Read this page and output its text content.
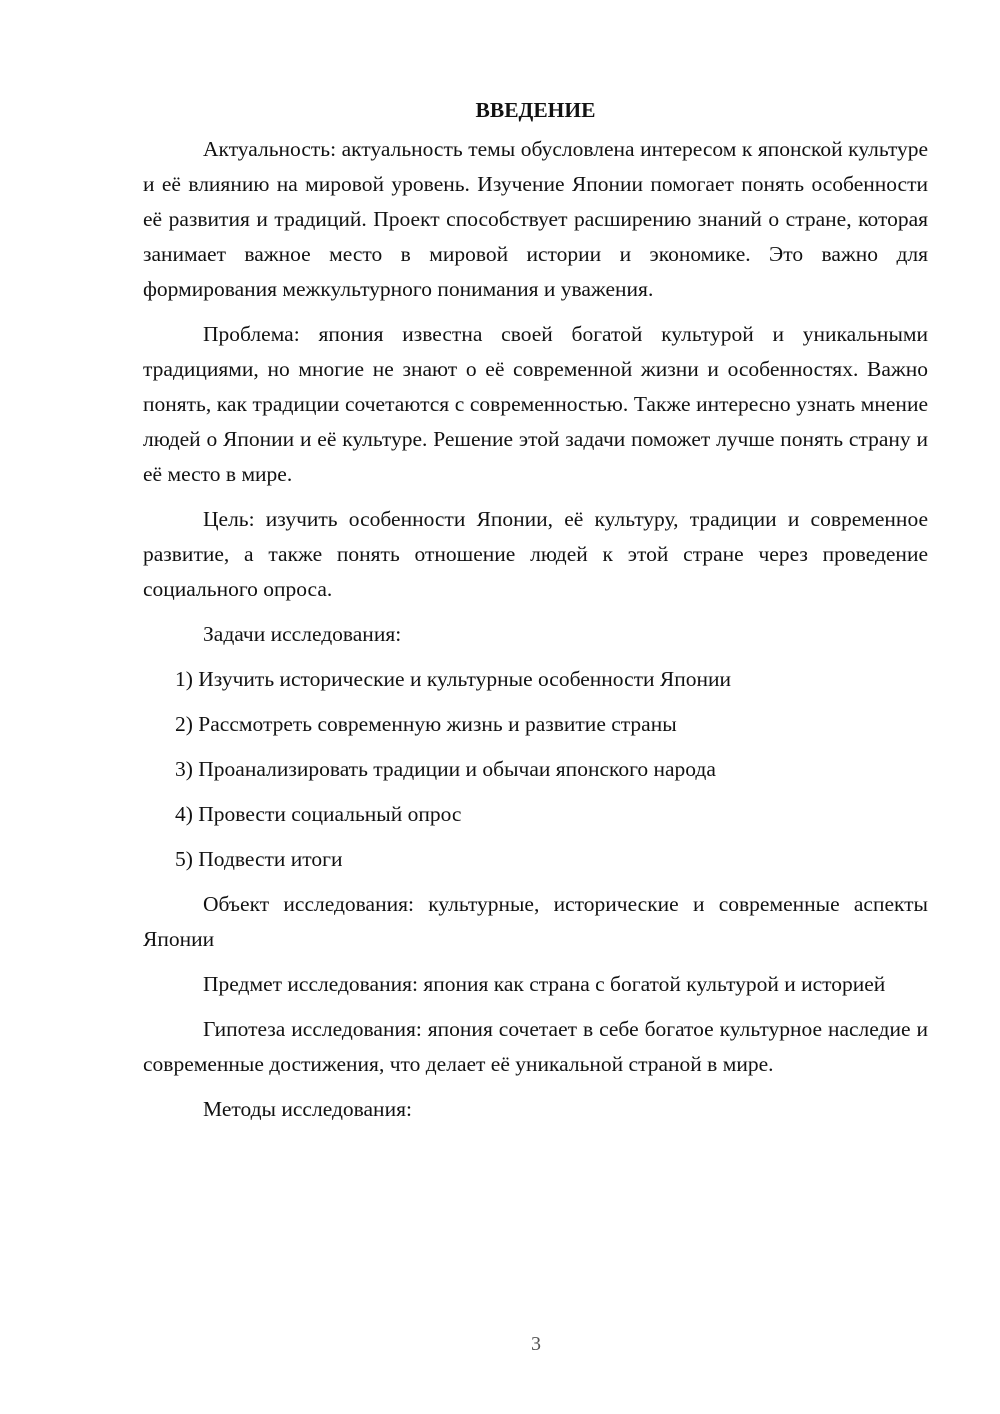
ВВЕДЕНИЕ

Актуальность: актуальность темы обусловлена интересом к японской культуре и её влиянию на мировой уровень. Изучение Японии помогает понять особенности её развития и традиций. Проект способствует расширению знаний о стране, которая занимает важное место в мировой истории и экономике. Это важно для формирования межкультурного понимания и уважения.

Проблема: япония известна своей богатой культурой и уникальными традициями, но многие не знают о её современной жизни и особенностях. Важно понять, как традиции сочетаются с современностью. Также интересно узнать мнение людей о Японии и её культуре. Решение этой задачи поможет лучше понять страну и её место в мире.

Цель: изучить особенности Японии, её культуру, традиции и современное развитие, а также понять отношение людей к этой стране через проведение социального опроса.

Задачи исследования:

1) Изучить исторические и культурные особенности Японии
2) Рассмотреть современную жизнь и развитие страны
3) Проанализировать традиции и обычаи японского народа
4) Провести социальный опрос
5) Подвести итоги

Объект исследования: культурные, исторические и современные аспекты Японии

Предмет исследования: япония как страна с богатой культурой и историей

Гипотеза исследования: япония сочетает в себе богатое культурное наследие и современные достижения, что делает её уникальной страной в мире.

Методы исследования:

3
